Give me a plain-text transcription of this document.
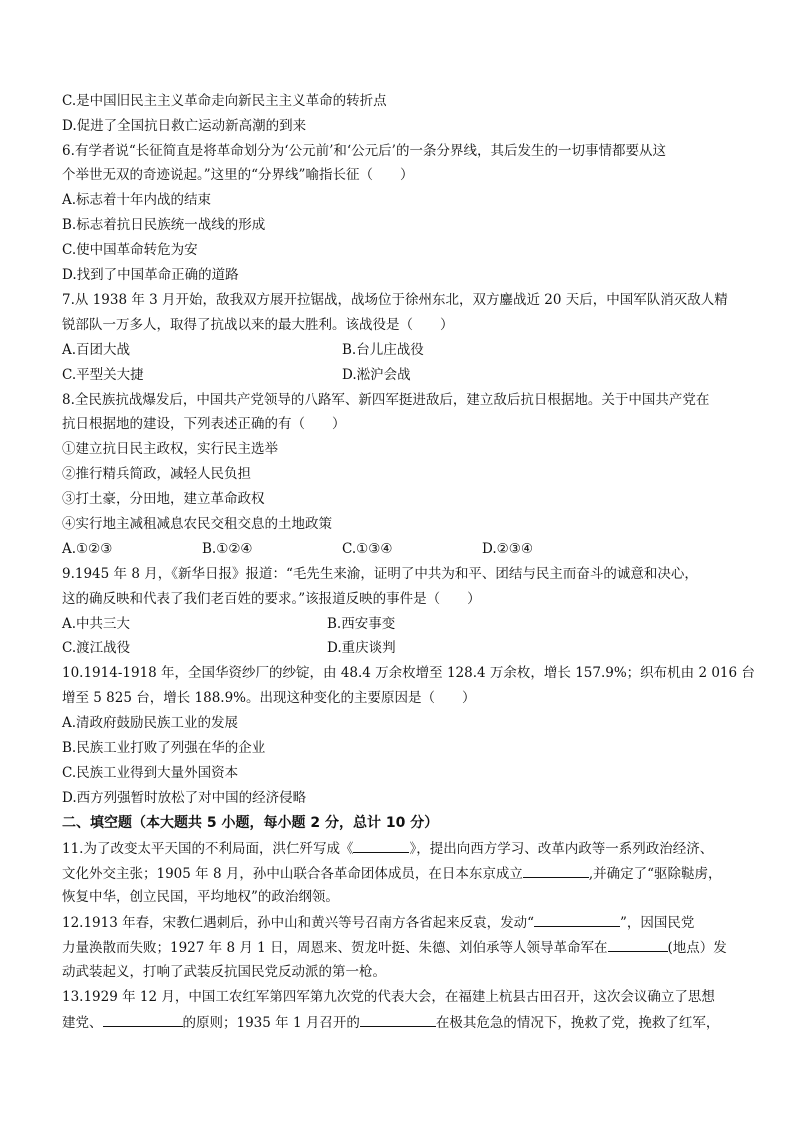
C.是中国旧民主主义革命走向新民主主义革命的转折点
D.促进了全国抗日救亡运动新高潮的到来
6.有学者说“长征简直是将革命划分为‘公元前’和‘公元后’的一条分界线，其后发生的一切事情都要从这
个举世无双的奇迹说起。”这里的“分界线”喻指长征（　　）
A.标志着十年内战的结束
B.标志着抗日民族统一战线的形成
C.使中国革命转危为安
D.找到了中国革命正确的道路
7.从 1938 年 3 月开始，敌我双方展开拉锯战，战场位于徐州东北，双方鏖战近 20 天后，中国军队消灭敌人精
锐部队一万多人，取得了抗战以来的最大胜利。该战役是（　　）
A.百团大战	B.台儿庄战役
C.平型关大捷	D.淞沪会战
8.全民族抗战爆发后，中国共产党领导的八路军、新四军挺进敌后，建立敌后抗日根据地。关于中国共产党在
抗日根据地的建设，下列表述正确的有（　　）
①建立抗日民主政权，实行民主选举
②推行精兵简政，减轻人民负担
③打土豪，分田地，建立革命政权
④实行地主减租减息农民交租交息的土地政策
A.①②③	B.①②④	C.①③④	D.②③④
9.1945 年 8 月，《新华日报》报道：“毛先生来渝，证明了中共为和平、团结与民主而奋斗的诚意和决心，
这的确反映和代表了我们老百姓的要求。”该报道反映的事件是（　　）
A.中共三大	B.西安事变
C.渡江战役	D.重庆谈判
10.1914-1918 年，全国华资纱厂的纱锭，由 48.4 万余枚增至 128.4 万余枚，增长 157.9%；织布机由 2 016 台
增至 5 825 台，增长 188.9%。出现这种变化的主要原因是（　　）
A.清政府鼓励民族工业的发展
B.民族工业打败了列强在华的企业
C.民族工业得到大量外国资本
D.西方列强暂时放松了对中国的经济侵略
二、填空题（本大题共 5 小题，每小题 2 分，总计 10 分）
11.为了改变太平天国的不利局面，洪仁歼写成《	》，提出向西方学习、改革内政等一系列政治经济、
文化外交主张；1905 年 8 月，孙中山联合各革命团体成员，在日本东京成立	,并确定了“驱除鞑虏，
恢复中华，创立民国，平均地权”的政治纲领。
12.1913 年春，宋教仁遇刺后，孙中山和黄兴等号召南方各省起来反袁，发动“	”，因国民党
力量涣散而失败；1927 年 8 月 1 日，周恩来、贺龙叶挺、朱德、刘伯承等人领导革命军在	(地点）发
动武装起义，打响了武装反抗国民党反动派的第一枪。
13.1929 年 12 月，中国工农红军第四军第九次党的代表大会，在福建上杭县古田召开，这次会议确立了思想
建党、	的原则；1935 年 1 月召开的	在极其危急的情况下，挽救了党，挽救了红军，
